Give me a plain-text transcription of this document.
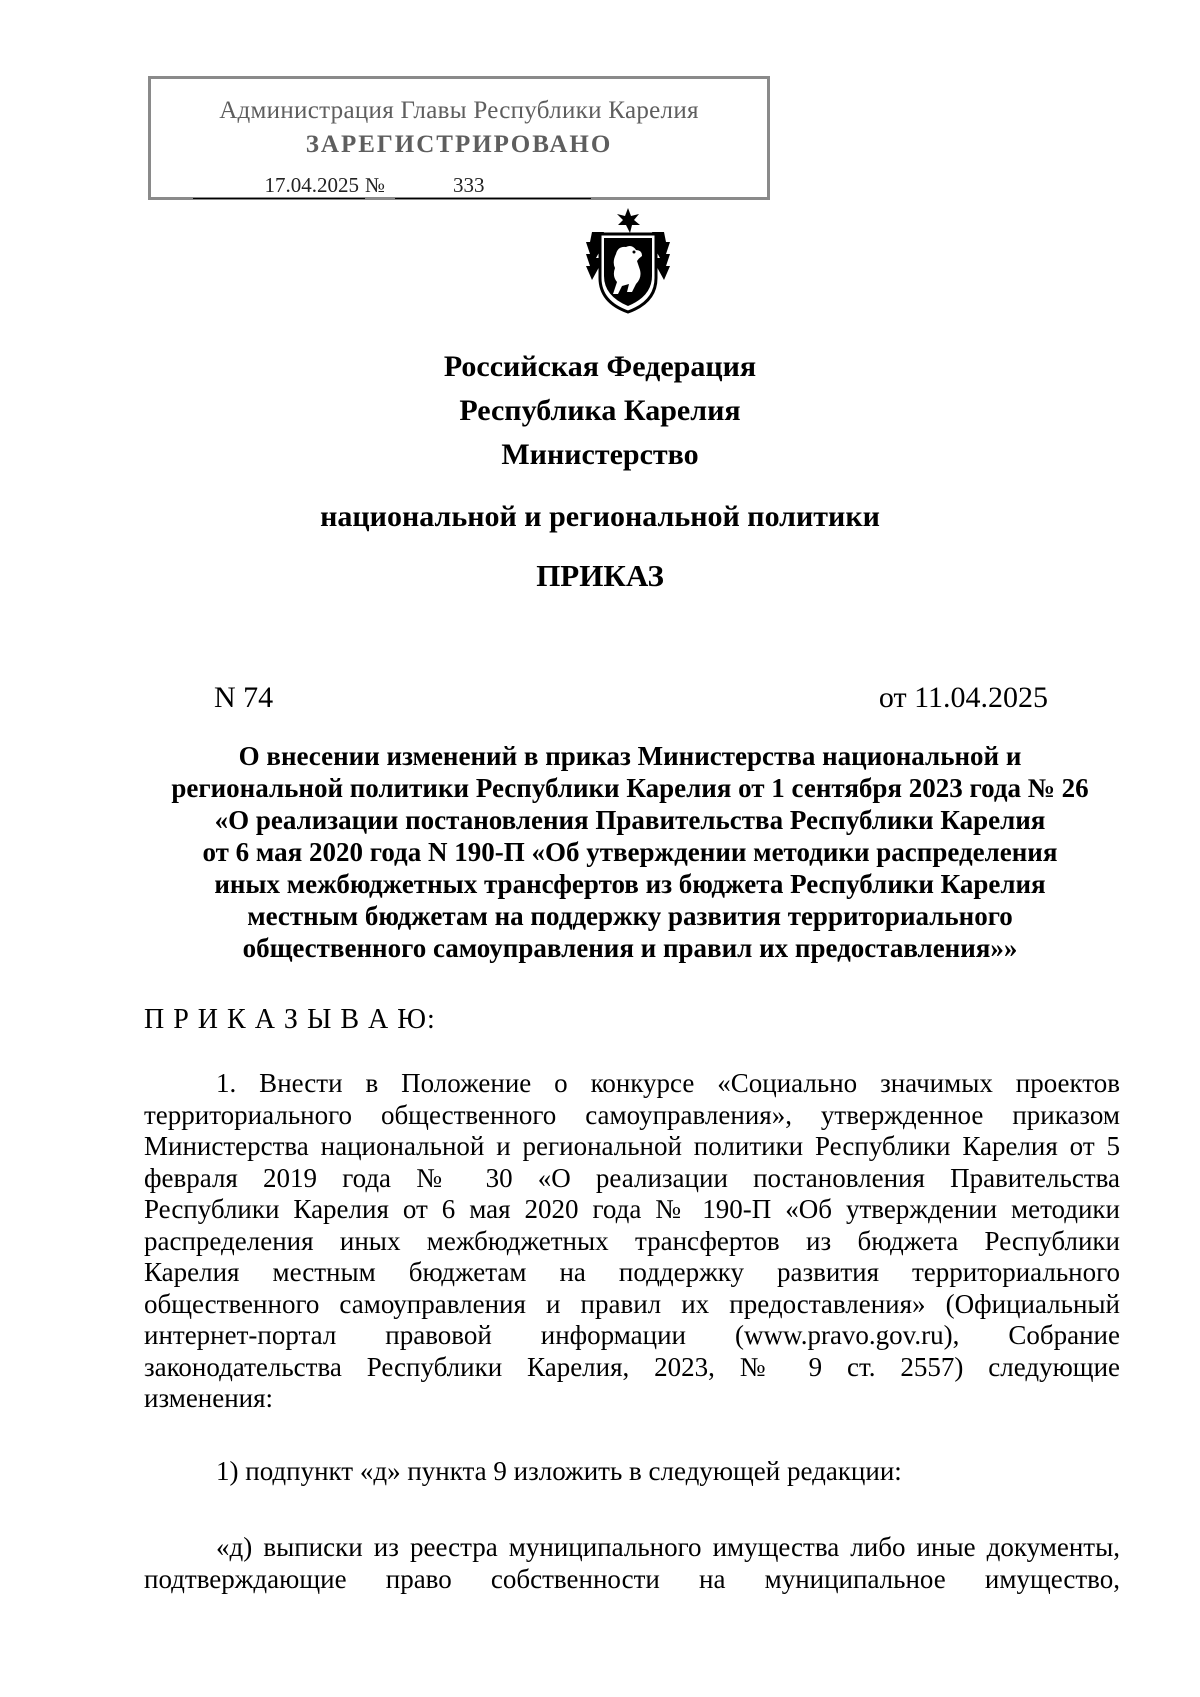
Администрация Главы Республики Карелия
ЗАРЕГИСТРИРОВАНО
17.04.2025 №	333
Российская Федерация
Республика Карелия
Министерство
национальной и региональной политики
ПРИКАЗ
N 74	от 11.04.2025
О внесении изменений в приказ Министерства национальной и
региональной политики Республики Карелия от 1 сентября 2023 года № 26
«О реализации постановления Правительства Республики Карелия
от 6 мая 2020 года N 190-П «Об утверждении методики распределения
иных межбюджетных трансфертов из бюджета Республики Карелия
местным бюджетам на поддержку развития территориального
общественного самоуправления и правил их предоставления»»
П Р И К А З Ы В А Ю:
1. Внести в Положение о конкурсе «Социально значимых проектов
территориального общественного самоуправления», утвержденное приказом
Министерства национальной и региональной политики Республики Карелия от 5
февраля 2019 года № 30 «О реализации постановления Правительства
Республики Карелия от 6 мая 2020 года № 190-П «Об утверждении методики
распределения иных межбюджетных трансфертов из бюджета Республики
Карелия местным бюджетам на поддержку развития территориального
общественного самоуправления и правил их предоставления» (Официальный
интернет-портал правовой информации (www.pravo.gov.ru), Собрание
законодательства Республики Карелия, 2023, № 9 ст. 2557) следующие
изменения:
1) подпункт «д» пункта 9 изложить в следующей редакции:
«д) выписки из реестра муниципального имущества либо иные документы,
подтверждающие право собственности на муниципальное имущество,
